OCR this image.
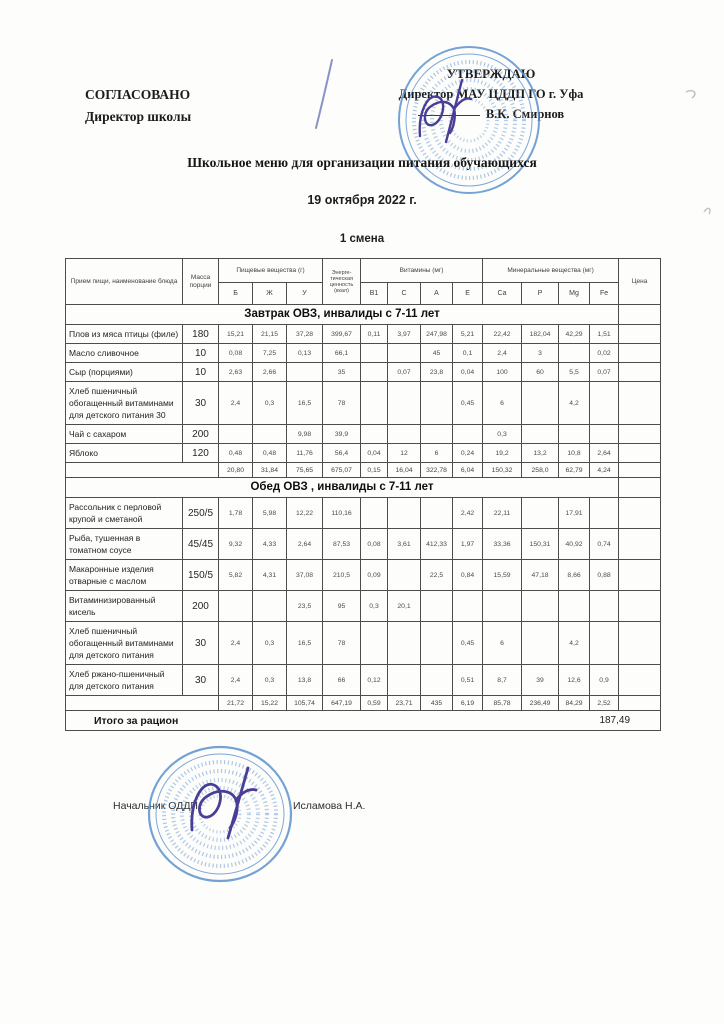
СОГЛАСОВАНО
Директор школы
УТВЕРЖДАЮ
Директор МАУ ЦДДП ГО г. Уфа
В.К. Смирнов
Школьное меню для организации питания обучающихся
19 октября 2022 г.
1 смена
Прием пищи, наименование блюда	Масса порции	Пищевые вещества (г)			Энерге-тическая ценность (ккал)	Витамины (мг)				Минеральные вещества (мг)				Цена
		Б	Ж	У		B1	C	A	E	Ca	P	Mg	Fe	
Завтрак ОВЗ, инвалиды с 7-11 лет														
Плов из мяса птицы (филе)	180	15,21	21,15	37,28	399,67	0,11	3,97	247,98	5,21	22,42	182,04	42,29	1,51	
Масло сливочное	10	0,08	7,25	0,13	66,1			45	0,1	2,4	3		0,02	
Сыр (порциями)	10	2,63	2,66		35		0,07	23,8	0,04	100	60	5,5	0,07	
Хлеб пшеничный обогащенный витаминами для детского питания 30	30	2,4	0,3	16,5	78				0,45	6		4,2		
Чай с сахаром	200			9,98	39,9					0,3				
Яблоко	120	0,48	0,48	11,76	56,4	0,04	12	6	0,24	19,2	13,2	10,8	2,64	
		20,80	31,84	75,65	675,07	0,15	16,04	322,78	6,04	150,32	258,0	62,79	4,24	
Обед ОВЗ , инвалиды с 7-11 лет														
Рассольник с перловой крупой и сметаной	250/5	1,78	5,98	12,22	110,16				2,42	22,11		17,91		
Рыба, тушенная в томатном соусе	45/45	9,32	4,33	2,64	87,53	0,08	3,61	412,33	1,97	33,36	150,31	40,92	0,74	
Макаронные изделия отварные с маслом	150/5	5,82	4,31	37,08	210,5	0,09		22,5	0,84	15,59	47,18	8,66	0,88	
Витаминизированный кисель	200			23,5	95	0,3	20,1							
Хлеб пшеничный обогащенный витаминами для детского питания	30	2,4	0,3	16,5	78				0,45	6		4,2		
Хлеб ржано-пшеничный для детского питания	30	2,4	0,3	13,8	66	0,12			0,51	8,7	39	12,6	0,9	
		21,72	15,22	105,74	647,19	0,59	23,71	435	6,19	85,78	236,49	84,29	2,52	

Итого за рацион 187,49														
Начальник ОДДП	Исламова Н.А.
